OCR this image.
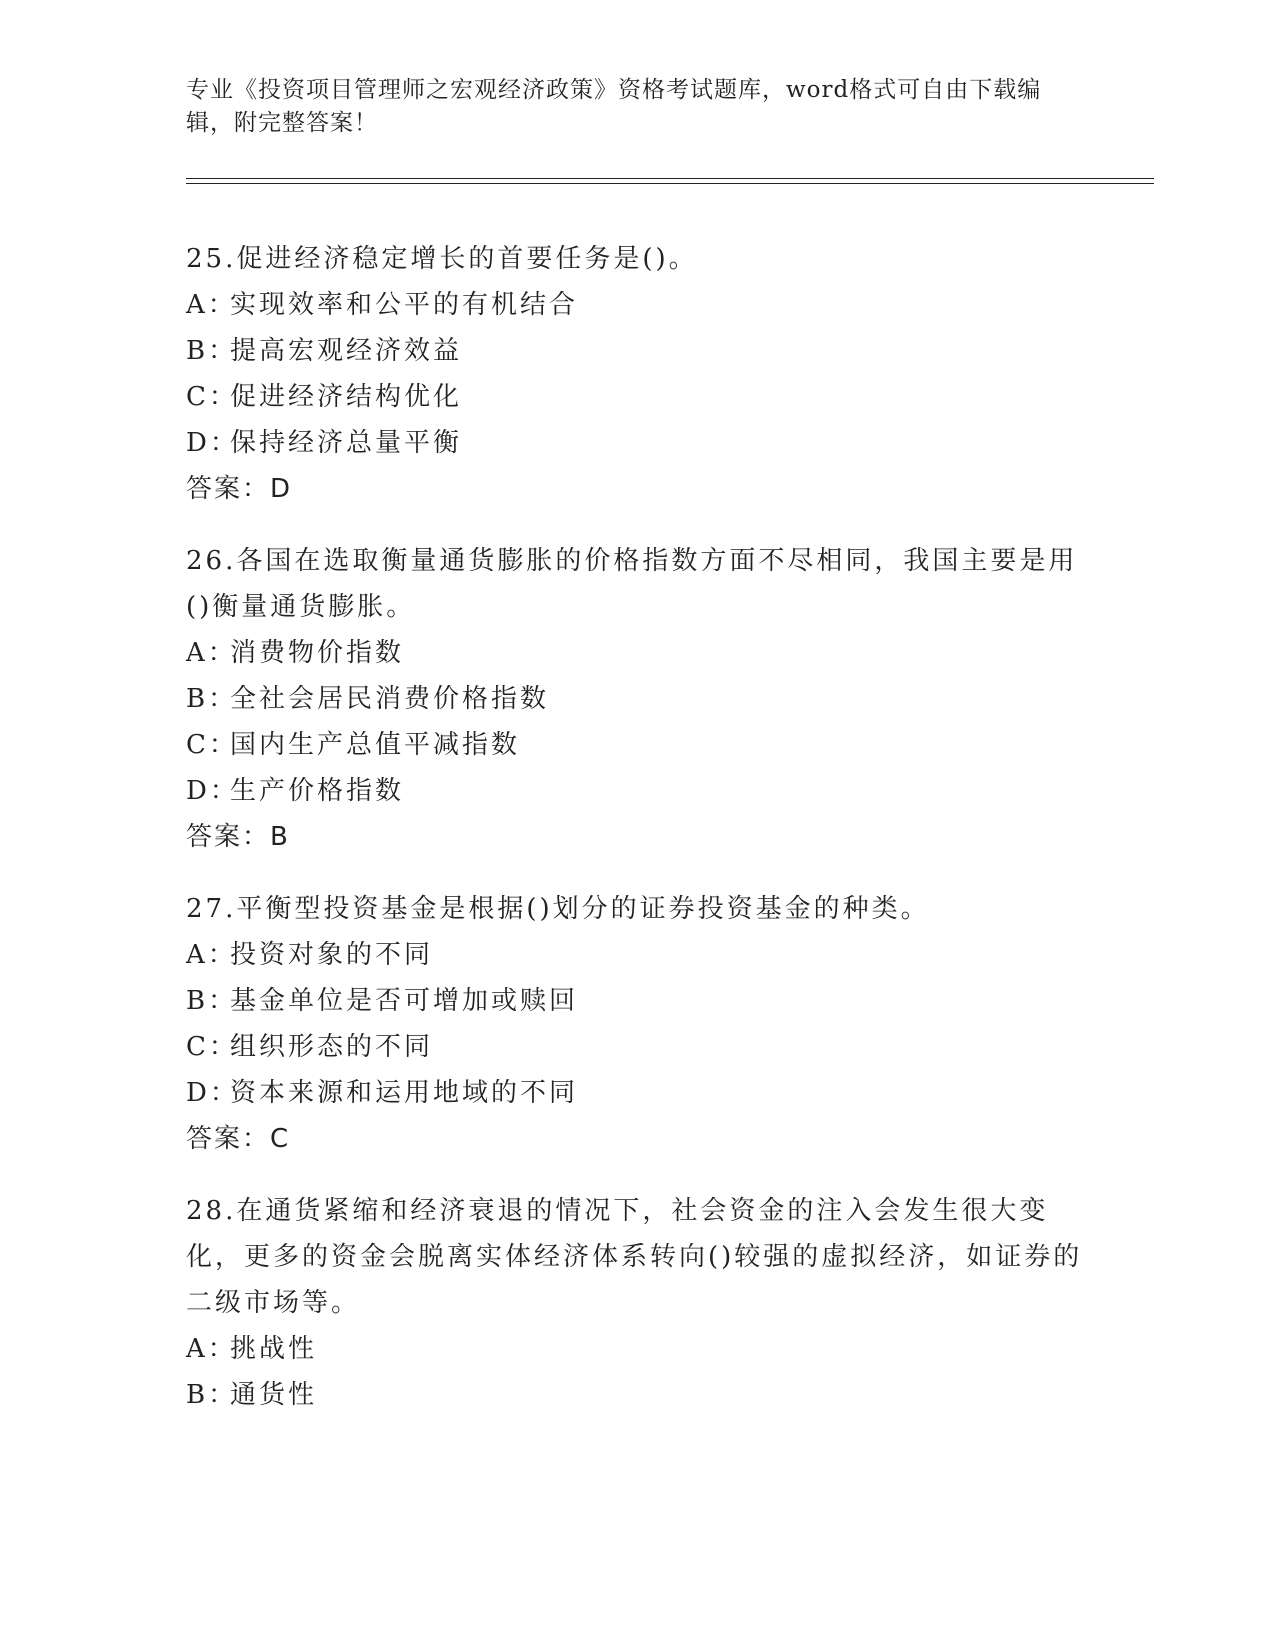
专业《投资项目管理师之宏观经济政策》资格考试题库，word格式可自由下载编辑，附完整答案！

25.促进经济稳定增长的首要任务是()。

A：
实现效率和公平的有机结合

B：
提高宏观经济效益

C：
促进经济结构优化

D：
保持经济总量平衡

答案：D

26.各国在选取衡量通货膨胀的价格指数方面不尽相同，我国主要是用()衡量通货膨胀。

A：
消费物价指数

B：
全社会居民消费价格指数

C：
国内生产总值平减指数

D：
生产价格指数

答案：B

27.平衡型投资基金是根据()划分的证券投资基金的种类。

A：
投资对象的不同

B：
基金单位是否可增加或赎回

C：
组织形态的不同

D：
资本来源和运用地域的不同

答案：C

28.在通货紧缩和经济衰退的情况下，社会资金的注入会发生很大变化，更多的资金会脱离实体经济体系转向()较强的虚拟经济，如证券的二级市场等。

A：
挑战性

B：
通货性
